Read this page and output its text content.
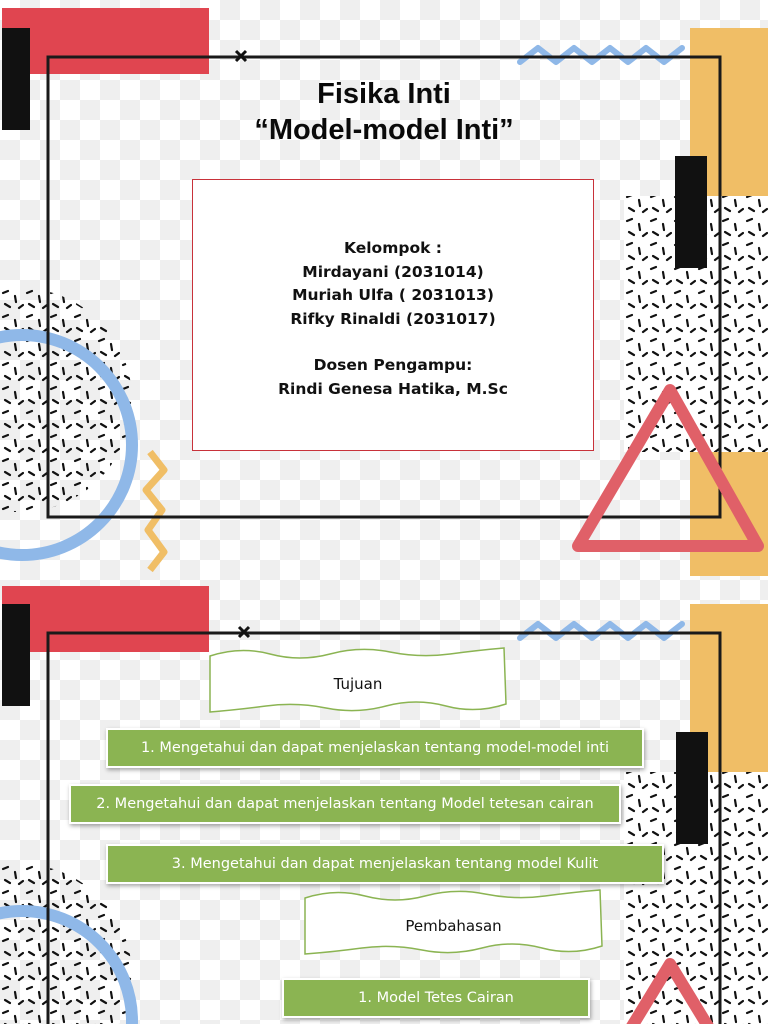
Fisika Inti
“Model-model Inti”
Kelompok :
Mirdayani (2031014)
Muriah Ulfa ( 2031013)
Rifky Rinaldi (2031017)
Dosen Pengampu:
Rindi Genesa Hatika, M.Sc
Tujuan
1. Mengetahui dan dapat menjelaskan tentang model-model inti
2. Mengetahui dan dapat menjelaskan tentang Model tetesan cairan
3. Mengetahui dan dapat menjelaskan tentang model Kulit
Pembahasan
1. Model Tetes Cairan
